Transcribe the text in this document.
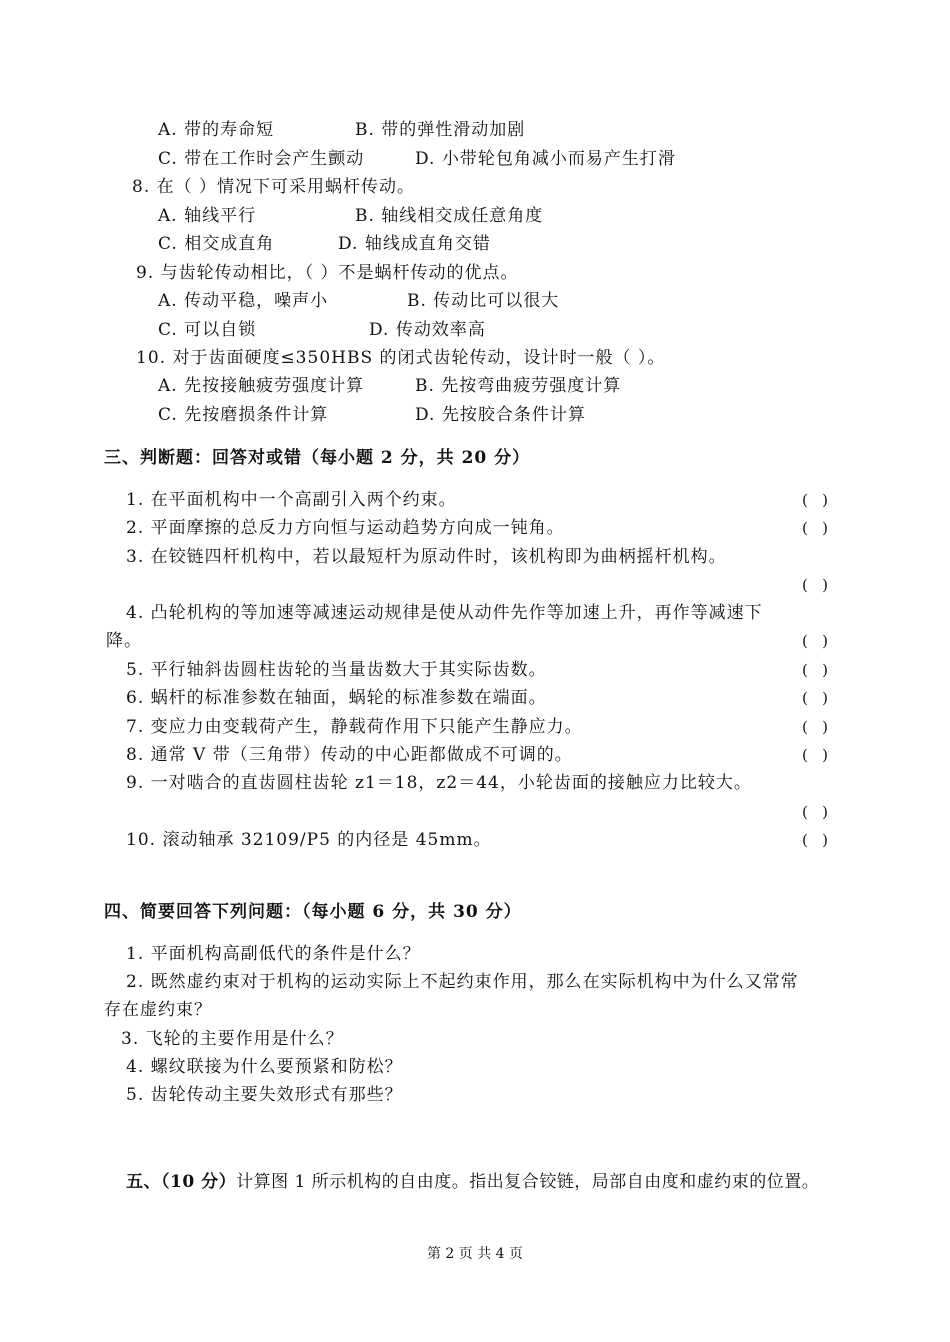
A. 带的寿命短	B. 带的弹性滑动加剧
C. 带在工作时会产生颤动	D. 小带轮包角减小而易产生打滑
8. 在（ ）情况下可采用蜗杆传动。
A. 轴线平行	B. 轴线相交成任意角度
C. 相交成直角	D. 轴线成直角交错
9. 与齿轮传动相比，（ ）不是蜗杆传动的优点。
A. 传动平稳，噪声小	B. 传动比可以很大
C. 可以自锁	D. 传动效率高
10. 对于齿面硬度≤350HBS 的闭式齿轮传动，设计时一般（ ）。
A. 先按接触疲劳强度计算	B. 先按弯曲疲劳强度计算
C. 先按磨损条件计算	D. 先按胶合条件计算
三、判断题：回答对或错（每小题 2 分，共 20 分）
1. 在平面机构中一个高副引入两个约束。	(   )
2. 平面摩擦的总反力方向恒与运动趋势方向成一钝角。	(   )
3. 在铰链四杆机构中，若以最短杆为原动件时，该机构即为曲柄摇杆机构。
(   )
4. 凸轮机构的等加速等减速运动规律是使从动件先作等加速上升，再作等减速下
降。	(   )
5. 平行轴斜齿圆柱齿轮的当量齿数大于其实际齿数。	(   )
6. 蜗杆的标准参数在轴面，蜗轮的标准参数在端面。	(   )
7. 变应力由变载荷产生，静载荷作用下只能产生静应力。	(   )
8. 通常 V 带（三角带）传动的中心距都做成不可调的。	(   )
9. 一对啮合的直齿圆柱齿轮 z1＝18，z2＝44，小轮齿面的接触应力比较大。
(   )
10. 滚动轴承 32109/P5 的内径是 45mm。	(   )
四、简要回答下列问题：（每小题 6 分，共 30 分）
1. 平面机构高副低代的条件是什么？
2. 既然虚约束对于机构的运动实际上不起约束作用，那么在实际机构中为什么又常常
存在虚约束？
3. 飞轮的主要作用是什么？
4. 螺纹联接为什么要预紧和防松？
5. 齿轮传动主要失效形式有那些？
五、（10 分）计算图 1 所示机构的自由度。指出复合铰链，局部自由度和虚约束的位置。
第 2 页 共 4 页
